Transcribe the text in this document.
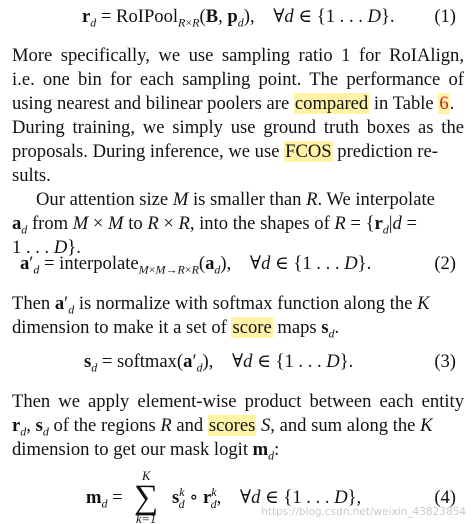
$r_d$ = RoIPool$_{R\times R}$(B, $p_d$),    ∀d ∈ {1 . . . D}. (1)
More specifically, we use sampling ratio 1 for RoIAlign,
i.e. one bin for each sampling point. The performance of
using nearest and bilinear poolers are compared in Table 6.
During training, we simply use ground truth boxes as the
proposals. During inference, we use FCOS prediction re-
sults.
Our attention size M is smaller than R. We interpolate
$a_d$ from M × M to R × R, into the shapes of $R = \{r_d|d$ =
1 . . . D}.
$a'_d$ = $interpolate_{M\times M\to R\times R}(a_d)$,    ∀d ∈ {1 . . . D}.	(2)
Then $a'_d$ is normalize with softmax function along the K
dimension to make it a set of score maps $s_d$.
$s_d$ = $softmax(a'_d)$,    ∀d ∈ {1 . . . D}.	(3)
Then we apply element-wise product between each entity
$r_d$, $s_d$ of the regions R and scores S, and sum along the K
dimension to get our mask logit $m_d$:
$m_d$ =
K
∑
k=1
$s^k_d$ ∘ $r^k_d$,    ∀d ∈ {1 . . . D},	(4)
https://blog.csdn.net/weixin_43823854
